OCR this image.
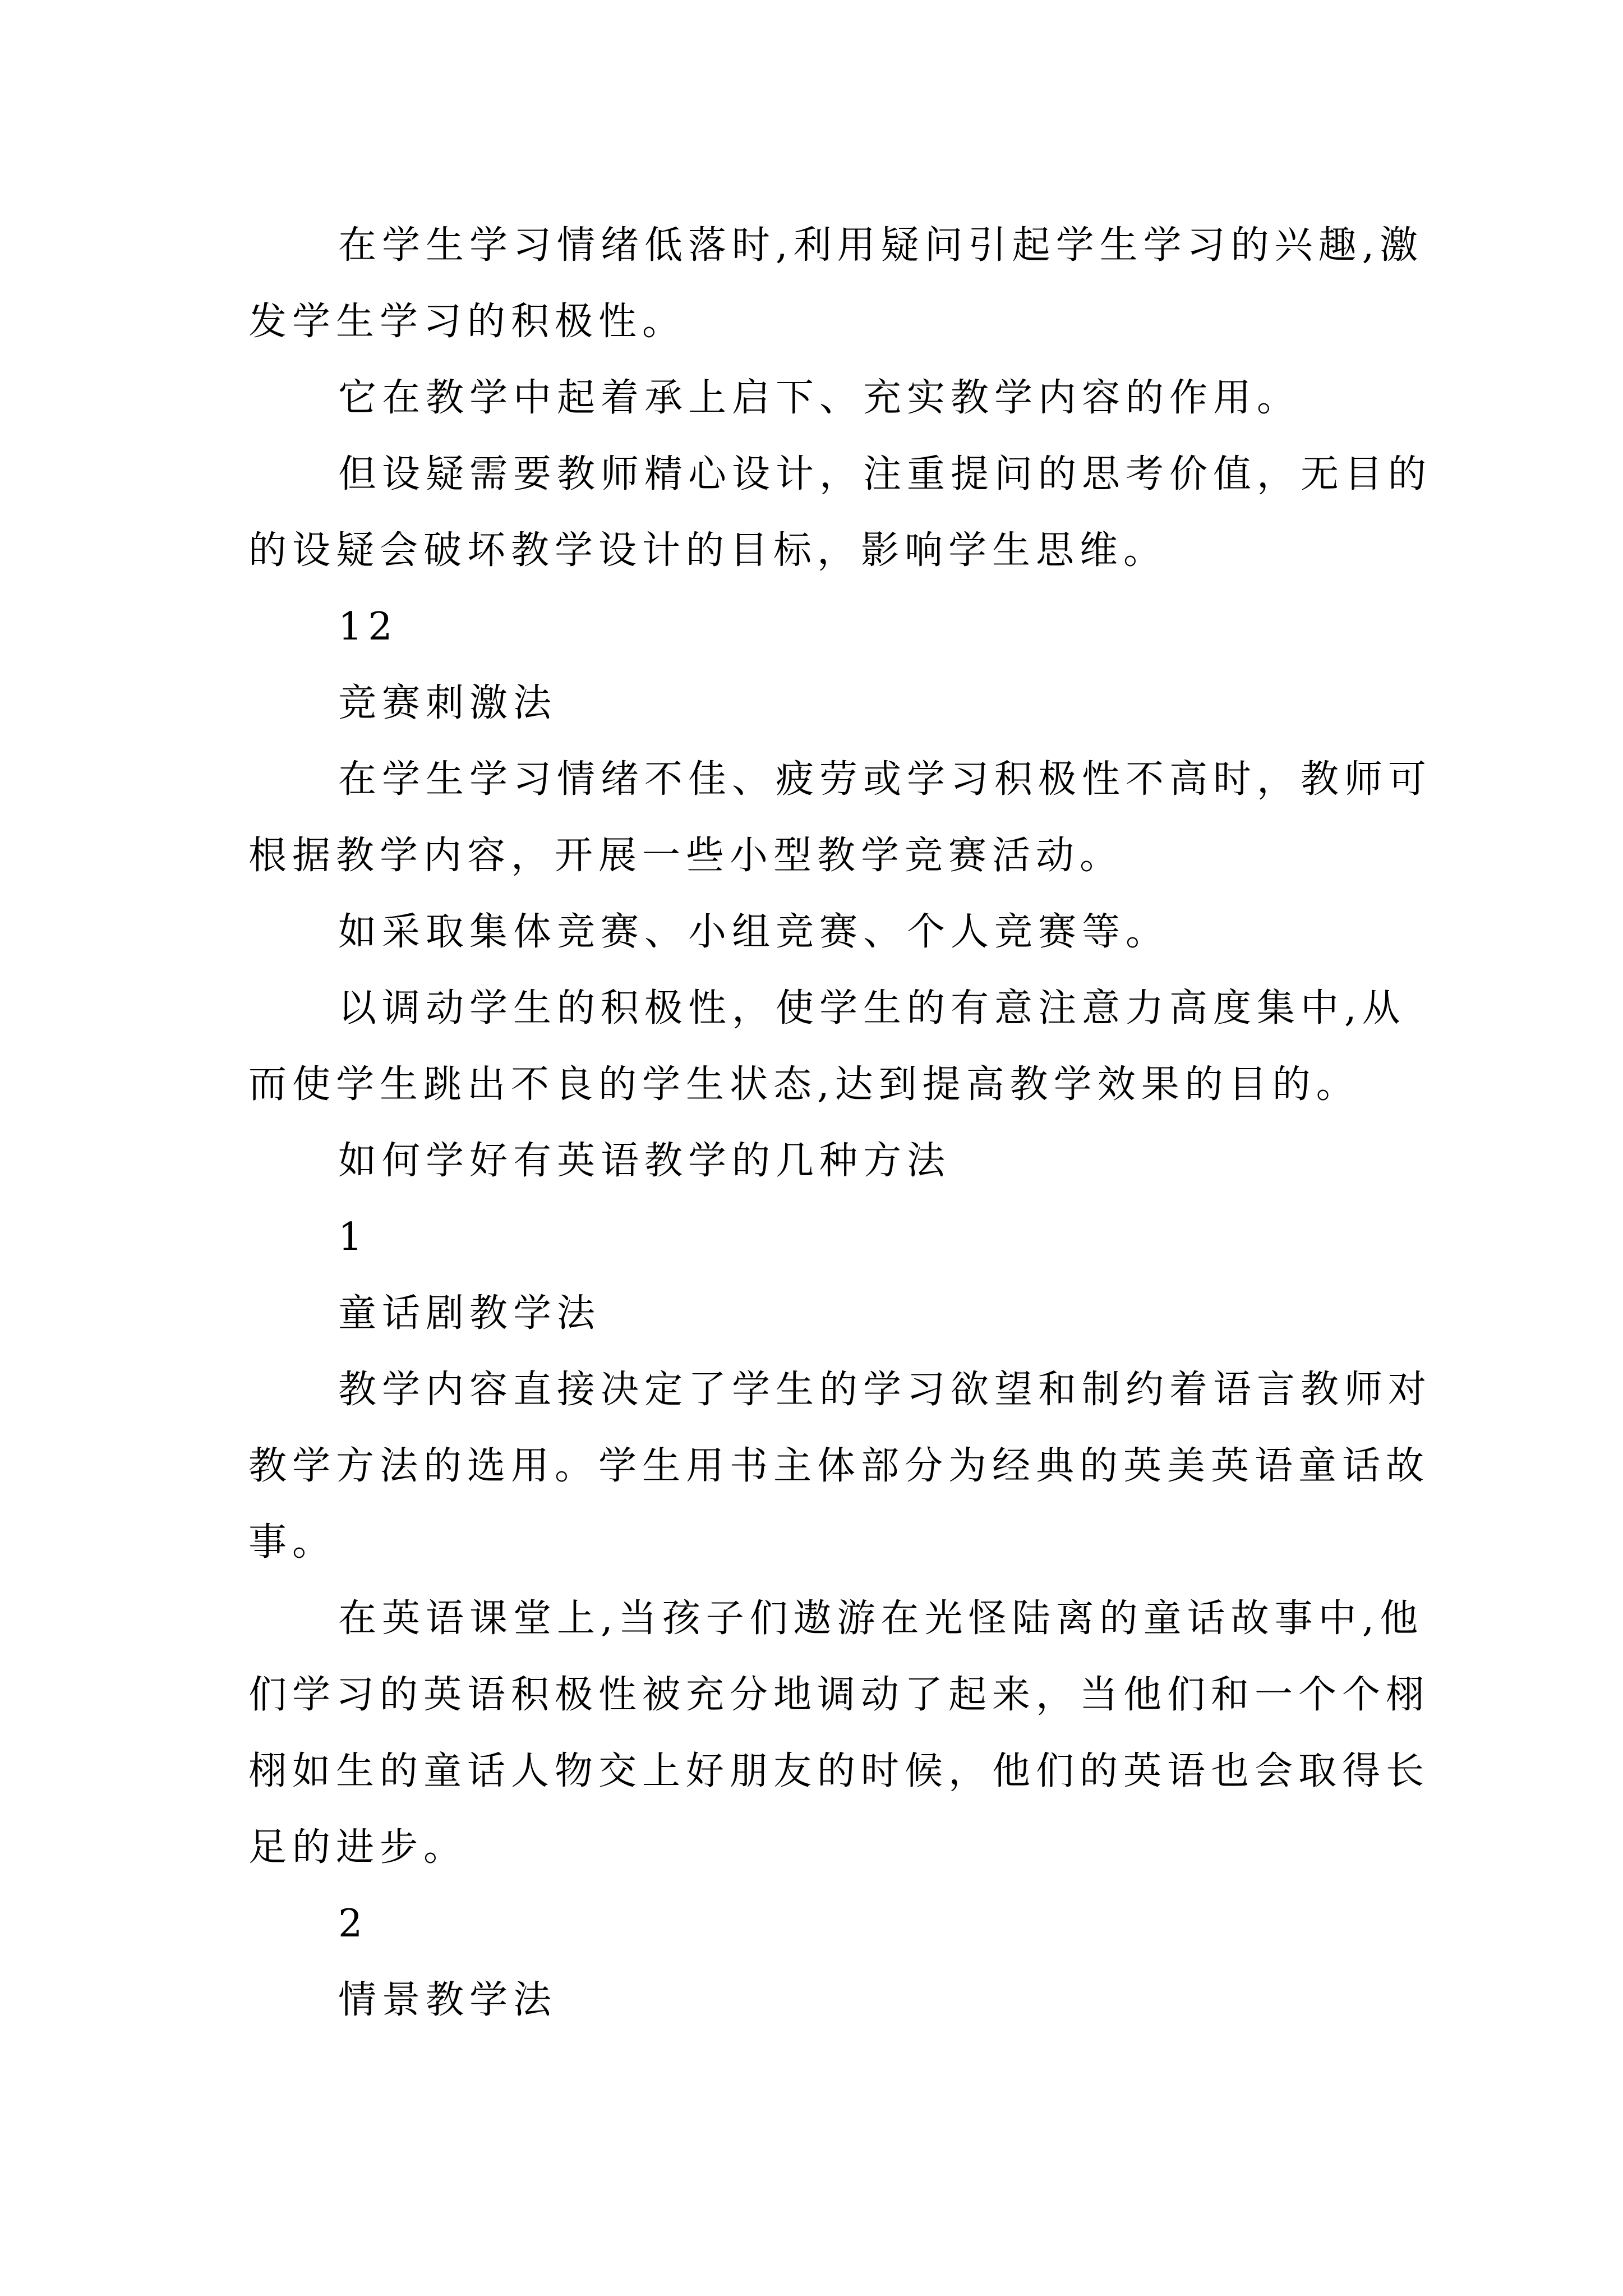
在学生学习情绪低落时,利用疑问引起学生学习的兴趣,激发学生学习的积极性。

它在教学中起着承上启下、充实教学内容的作用。

但设疑需要教师精心设计，注重提问的思考价值，无目的的设疑会破坏教学设计的目标，影响学生思维。

12

竞赛刺激法

在学生学习情绪不佳、疲劳或学习积极性不高时，教师可根据教学内容，开展一些小型教学竞赛活动。

如采取集体竞赛、小组竞赛、个人竞赛等。

以调动学生的积极性，使学生的有意注意力高度集中,从而使学生跳出不良的学生状态,达到提高教学效果的目的。

如何学好有英语教学的几种方法

1

童话剧教学法

教学内容直接决定了学生的学习欲望和制约着语言教师对教学方法的选用。学生用书主体部分为经典的英美英语童话故事。

在英语课堂上,当孩子们遨游在光怪陆离的童话故事中,他们学习的英语积极性被充分地调动了起来，当他们和一个个栩栩如生的童话人物交上好朋友的时候，他们的英语也会取得长足的进步。

2

情景教学法
